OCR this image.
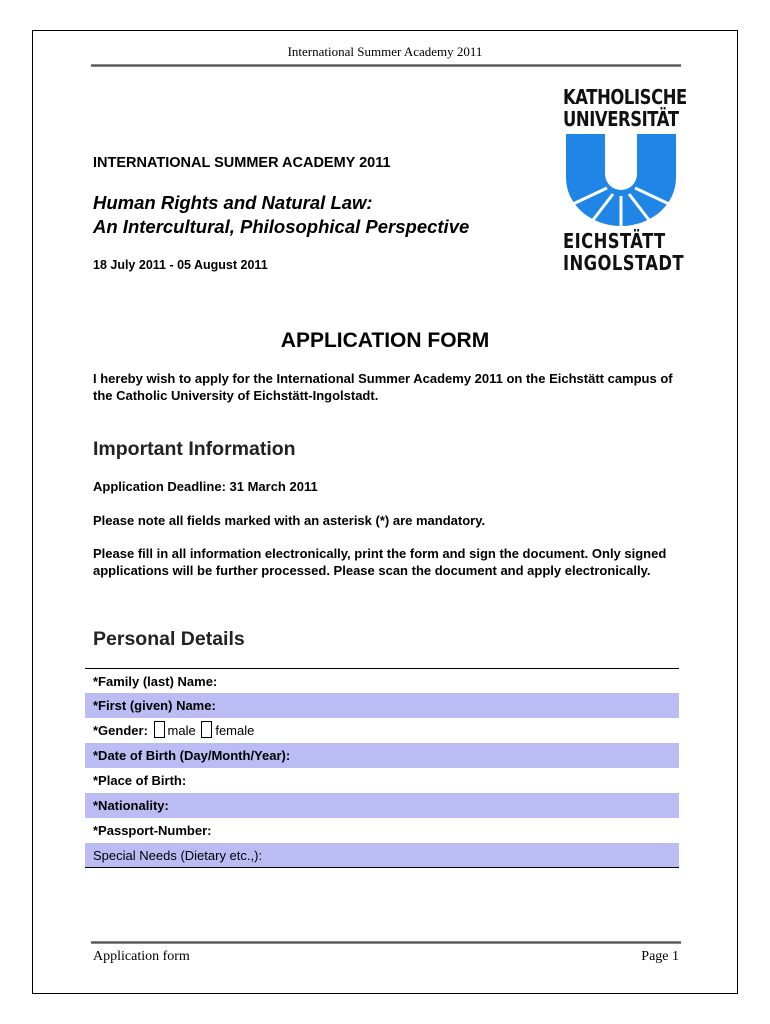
International Summer Academy 2011
KATHOLISCHE
UNIVERSITÄT
EICHSTÄTT
INGOLSTADT
INTERNATIONAL SUMMER ACADEMY 2011
Human Rights and Natural Law:
An Intercultural, Philosophical Perspective
18 July 2011 - 05 August 2011
APPLICATION FORM
I hereby wish to apply for the International Summer Academy 2011 on the Eichstätt campus of the Catholic University of Eichstätt-Ingolstadt.
Important Information
Application Deadline: 31 March 2011
Please note all fields marked with an asterisk (*) are mandatory.
Please fill in all information electronically, print the form and sign the document. Only signed applications will be further processed. Please scan the document and apply electronically.
Personal Details
*Family (last) Name:
*First (given) Name:
*Gender: male female
*Date of Birth (Day/Month/Year):
*Place of Birth:
*Nationality:
*Passport-Number:
Special Needs (Dietary etc.,):
Application form	Page 1
